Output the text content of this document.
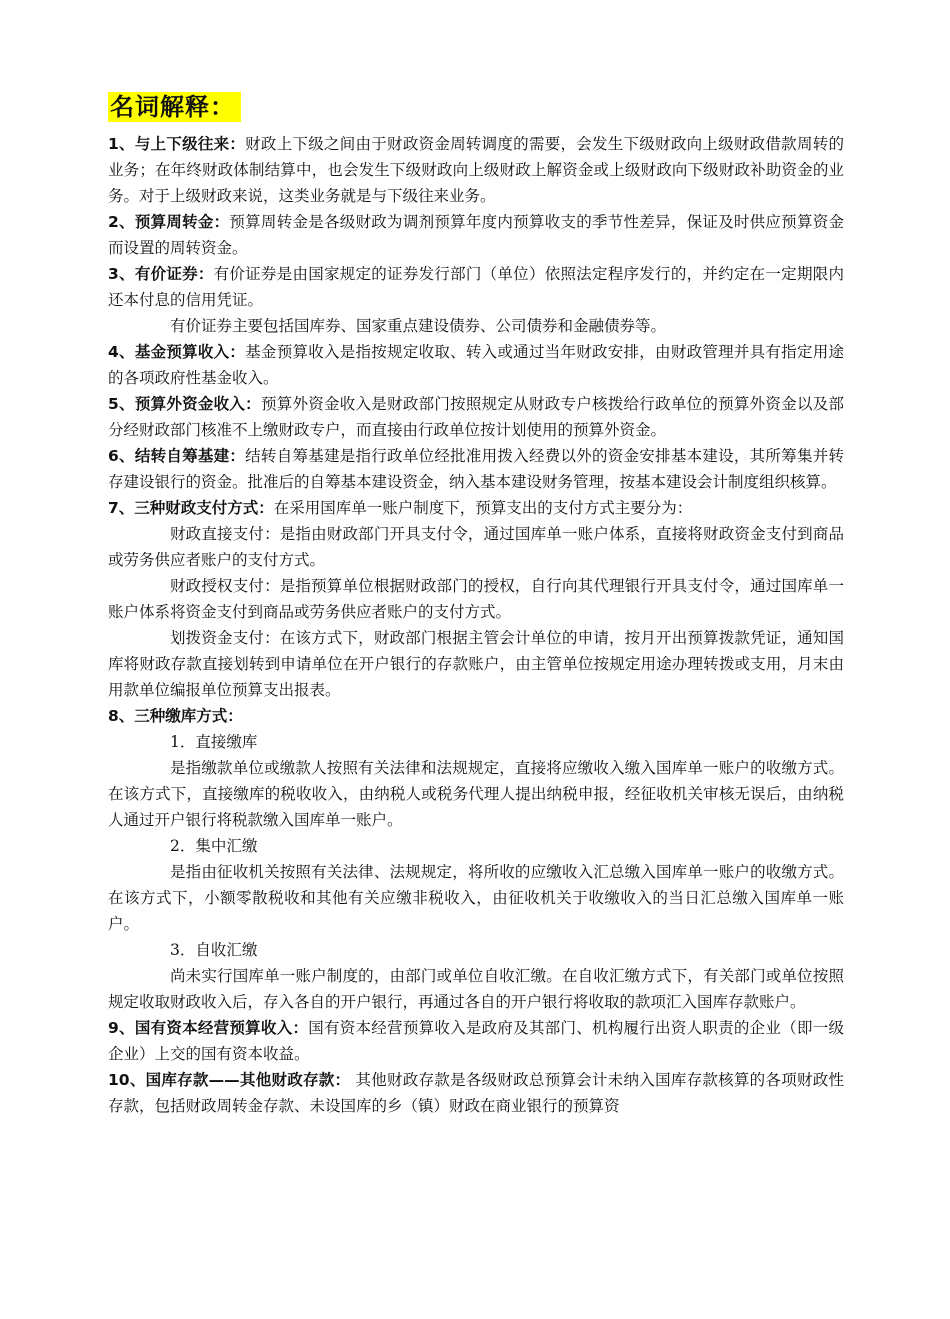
名词解释：

1、与上下级往来：财政上下级之间由于财政资金周转调度的需要，会发生下级财政向上级财政借款周转的业务；在年终财政体制结算中，也会发生下级财政向上级财政上解资金或上级财政向下级财政补助资金的业务。对于上级财政来说，这类业务就是与下级往来业务。

2、预算周转金：预算周转金是各级财政为调剂预算年度内预算收支的季节性差异，保证及时供应预算资金而设置的周转资金。

3、有价证券：有价证券是由国家规定的证券发行部门（单位）依照法定程序发行的，并约定在一定期限内还本付息的信用凭证。

有价证券主要包括国库券、国家重点建设债券、公司债券和金融债券等。

4、基金预算收入：基金预算收入是指按规定收取、转入或通过当年财政安排，由财政管理并具有指定用途的各项政府性基金收入。

5、预算外资金收入：预算外资金收入是财政部门按照规定从财政专户核拨给行政单位的预算外资金以及部分经财政部门核准不上缴财政专户，而直接由行政单位按计划使用的预算外资金。

6、结转自筹基建：结转自筹基建是指行政单位经批准用拨入经费以外的资金安排基本建设，其所筹集并转存建设银行的资金。批准后的自筹基本建设资金，纳入基本建设财务管理，按基本建设会计制度组织核算。

7、三种财政支付方式：在采用国库单一账户制度下，预算支出的支付方式主要分为：

财政直接支付：是指由财政部门开具支付令，通过国库单一账户体系，直接将财政资金支付到商品或劳务供应者账户的支付方式。

财政授权支付：是指预算单位根据财政部门的授权，自行向其代理银行开具支付令，通过国库单一账户体系将资金支付到商品或劳务供应者账户的支付方式。

划拨资金支付：在该方式下，财政部门根据主管会计单位的申请，按月开出预算拨款凭证，通知国库将财政存款直接划转到申请单位在开户银行的存款账户，由主管单位按规定用途办理转拨或支用，月末由用款单位编报单位预算支出报表。

8、三种缴库方式：

1．直接缴库

是指缴款单位或缴款人按照有关法律和法规规定，直接将应缴收入缴入国库单一账户的收缴方式。在该方式下，直接缴库的税收收入，由纳税人或税务代理人提出纳税申报，经征收机关审核无误后，由纳税人通过开户银行将税款缴入国库单一账户。

2．集中汇缴

是指由征收机关按照有关法律、法规规定，将所收的应缴收入汇总缴入国库单一账户的收缴方式。在该方式下，小额零散税收和其他有关应缴非税收入，由征收机关于收缴收入的当日汇总缴入国库单一账户。

3．自收汇缴

尚未实行国库单一账户制度的，由部门或单位自收汇缴。在自收汇缴方式下，有关部门或单位按照规定收取财政收入后，存入各自的开户银行，再通过各自的开户银行将收取的款项汇入国库存款账户。

9、国有资本经营预算收入：国有资本经营预算收入是政府及其部门、机构履行出资人职责的企业（即一级企业）上交的国有资本收益。

10、国库存款——其他财政存款： 其他财政存款是各级财政总预算会计未纳入国库存款核算的各项财政性存款，包括财政周转金存款、未设国库的乡（镇）财政在商业银行的预算资
